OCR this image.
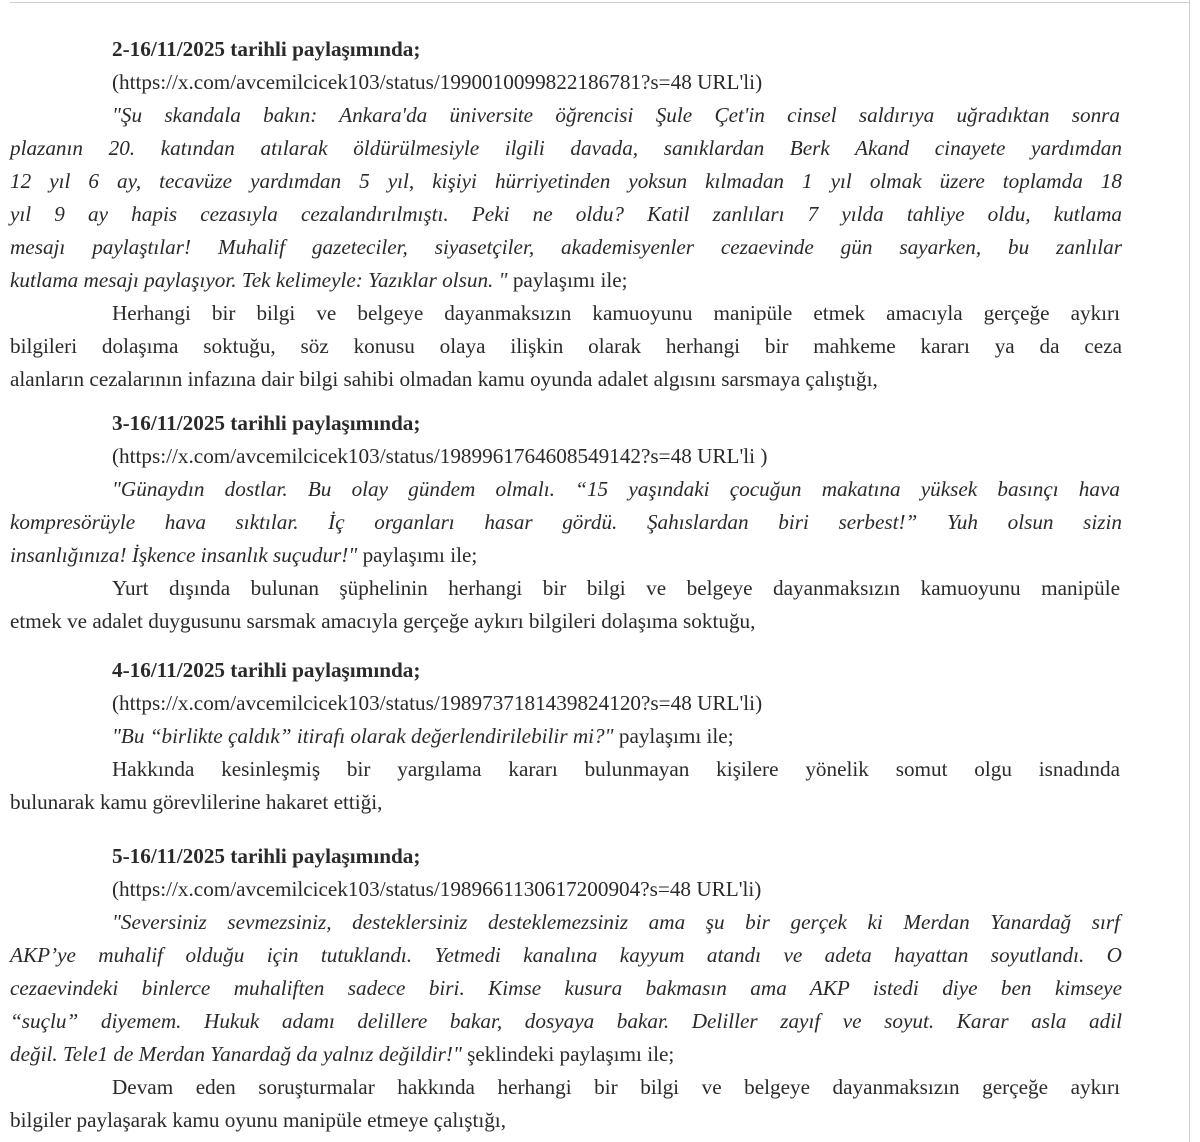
2-16/11/2025 tarihli paylaşımında;
(https://x.com/avcemilcicek103/status/1990010099822186781?s=48 URL'li)
"Şu skandala bakın: Ankara'da üniversite öğrencisi Şule Çet'in cinsel saldırıya uğradıktan sonra
plazanın 20. katından atılarak öldürülmesiyle ilgili davada, sanıklardan Berk Akand cinayete yardımdan
12 yıl 6 ay, tecavüze yardımdan 5 yıl, kişiyi hürriyetinden yoksun kılmadan 1 yıl olmak üzere toplamda 18
yıl 9 ay hapis cezasıyla cezalandırılmıştı. Peki ne oldu? Katil zanlıları 7 yılda tahliye oldu, kutlama
mesajı paylaştılar! Muhalif gazeteciler, siyasetçiler, akademisyenler cezaevinde gün sayarken, bu zanlılar
kutlama mesajı paylaşıyor. Tek kelimeyle: Yazıklar olsun. " paylaşımı ile;
Herhangi bir bilgi ve belgeye dayanmaksızın kamuoyunu manipüle etmek amacıyla gerçeğe aykırı
bilgileri dolaşıma soktuğu, söz konusu olaya ilişkin olarak herhangi bir mahkeme kararı ya da ceza
alanların cezalarının infazına dair bilgi sahibi olmadan kamu oyunda adalet algısını sarsmaya çalıştığı,
3-16/11/2025 tarihli paylaşımında;
(https://x.com/avcemilcicek103/status/1989961764608549142?s=48 URL'li )
"Günaydın dostlar. Bu olay gündem olmalı. “15 yaşındaki çocuğun makatına yüksek basınçı hava
kompresörüyle hava sıktılar. İç organları hasar gördü. Şahıslardan biri serbest!” Yuh olsun sizin
insanlığınıza! İşkence insanlık suçudur!" paylaşımı ile;
Yurt dışında bulunan şüphelinin herhangi bir bilgi ve belgeye dayanmaksızın kamuoyunu manipüle
etmek ve adalet duygusunu sarsmak amacıyla gerçeğe aykırı bilgileri dolaşıma soktuğu,
4-16/11/2025 tarihli paylaşımında;
(https://x.com/avcemilcicek103/status/1989737181439824120?s=48 URL'li)
"Bu “birlikte çaldık” itirafı olarak değerlendirilebilir mi?" paylaşımı ile;
Hakkında kesinleşmiş bir yargılama kararı bulunmayan kişilere yönelik somut olgu isnadında
bulunarak kamu görevlilerine hakaret ettiği,
5-16/11/2025 tarihli paylaşımında;
(https://x.com/avcemilcicek103/status/1989661130617200904?s=48 URL'li)
"Seversiniz sevmezsiniz, desteklersiniz desteklemezsiniz ama şu bir gerçek ki Merdan Yanardağ sırf
AKP’ye muhalif olduğu için tutuklandı. Yetmedi kanalına kayyum atandı ve adeta hayattan soyutlandı. O
cezaevindeki binlerce muhaliften sadece biri. Kimse kusura bakmasın ama AKP istedi diye ben kimseye
“suçlu” diyemem. Hukuk adamı delillere bakar, dosyaya bakar. Deliller zayıf ve soyut. Karar asla adil
değil. Tele1 de Merdan Yanardağ da yalnız değildir!" şeklindeki paylaşımı ile;
Devam eden soruşturmalar hakkında herhangi bir bilgi ve belgeye dayanmaksızın gerçeğe aykırı
bilgiler paylaşarak kamu oyunu manipüle etmeye çalıştığı,
